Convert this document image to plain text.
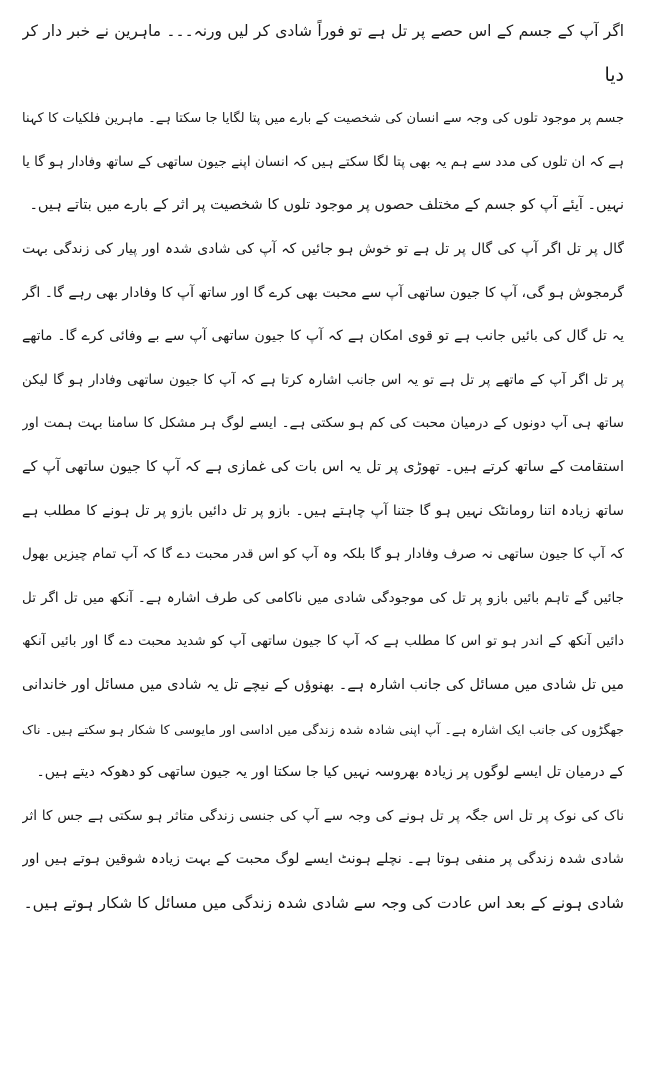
اگر آپ کے جسم کے اس حصے پر تل ہے تو فوراً شادی کر لیں ورنہ۔۔۔ ماہرین نے خبر دار کر
دیا
جسم پر موجود تلوں کی وجہ سے انسان کی شخصیت کے بارے میں پتا لگایا جا سکتا ہے۔ ماہرین فلکیات کا کہنا
ہے کہ ان تلوں کی مدد سے ہم یہ بھی پتا لگا سکتے ہیں کہ انسان اپنے جیون ساتھی کے ساتھ وفادار ہو گا یا
نہیں۔ آیئے آپ کو جسم کے مختلف حصوں پر موجود تلوں کا شخصیت پر اثر کے بارے میں بتاتے ہیں۔
گال پر تل اگر آپ کی گال پر تل ہے تو خوش ہو جائیں کہ آپ کی شادی شدہ اور پیار کی زندگی بہت
گرمجوش ہو گی، آپ کا جیون ساتھی آپ سے محبت بھی کرے گا اور ساتھ آپ کا وفادار بھی رہے گا۔ اگر
یہ تل گال کی بائیں جانب ہے تو قوی امکان ہے کہ آپ کا جیون ساتھی آپ سے بے وفائی کرے گا۔ ماتھے
پر تل اگر آپ کے ماتھے پر تل ہے تو یہ اس جانب اشارہ کرتا ہے کہ آپ کا جیون ساتھی وفادار ہو گا لیکن
ساتھ ہی آپ دونوں کے درمیان محبت کی کم ہو سکتی ہے۔ ایسے لوگ ہر مشکل کا سامنا بہت ہمت اور
استقامت کے ساتھ کرتے ہیں۔ تھوڑی پر تل یہ اس بات کی غمازی ہے کہ آپ کا جیون ساتھی آپ کے
ساتھ زیادہ اتنا رومانٹک نہیں ہو گا جتنا آپ چاہتے ہیں۔ بازو پر تل دائیں بازو پر تل ہونے کا مطلب ہے
کہ آپ کا جیون ساتھی نہ صرف وفادار ہو گا بلکہ وہ آپ کو اس قدر محبت دے گا کہ آپ تمام چیزیں بھول
جائیں گے تاہم بائیں بازو پر تل کی موجودگی شادی میں ناکامی کی طرف اشارہ ہے۔ آنکھ میں تل اگر تل
دائیں آنکھ کے اندر ہو تو اس کا مطلب ہے کہ آپ کا جیون ساتھی آپ کو شدید محبت دے گا اور بائیں آنکھ
میں تل شادی میں مسائل کی جانب اشارہ ہے۔ بھنوؤں کے نیچے تل یہ شادی میں مسائل اور خاندانی
جھگڑوں کی جانب ایک اشارہ ہے۔ آپ اپنی شادہ شدہ زندگی میں اداسی اور مایوسی کا شکار ہو سکتے ہیں۔ ناک
کے درمیان تل ایسے لوگوں پر زیادہ بھروسہ نہیں کیا جا سکتا اور یہ جیون ساتھی کو دھوکہ دیتے ہیں۔
ناک کی نوک پر تل اس جگہ پر تل ہونے کی وجہ سے آپ کی جنسی زندگی متاثر ہو سکتی ہے جس کا اثر
شادی شدہ زندگی پر منفی ہوتا ہے۔ نچلے ہونٹ ایسے لوگ محبت کے بہت زیادہ شوقین ہوتے ہیں اور
شادی ہونے کے بعد اس عادت کی وجہ سے شادی شدہ زندگی میں مسائل کا شکار ہوتے ہیں۔
